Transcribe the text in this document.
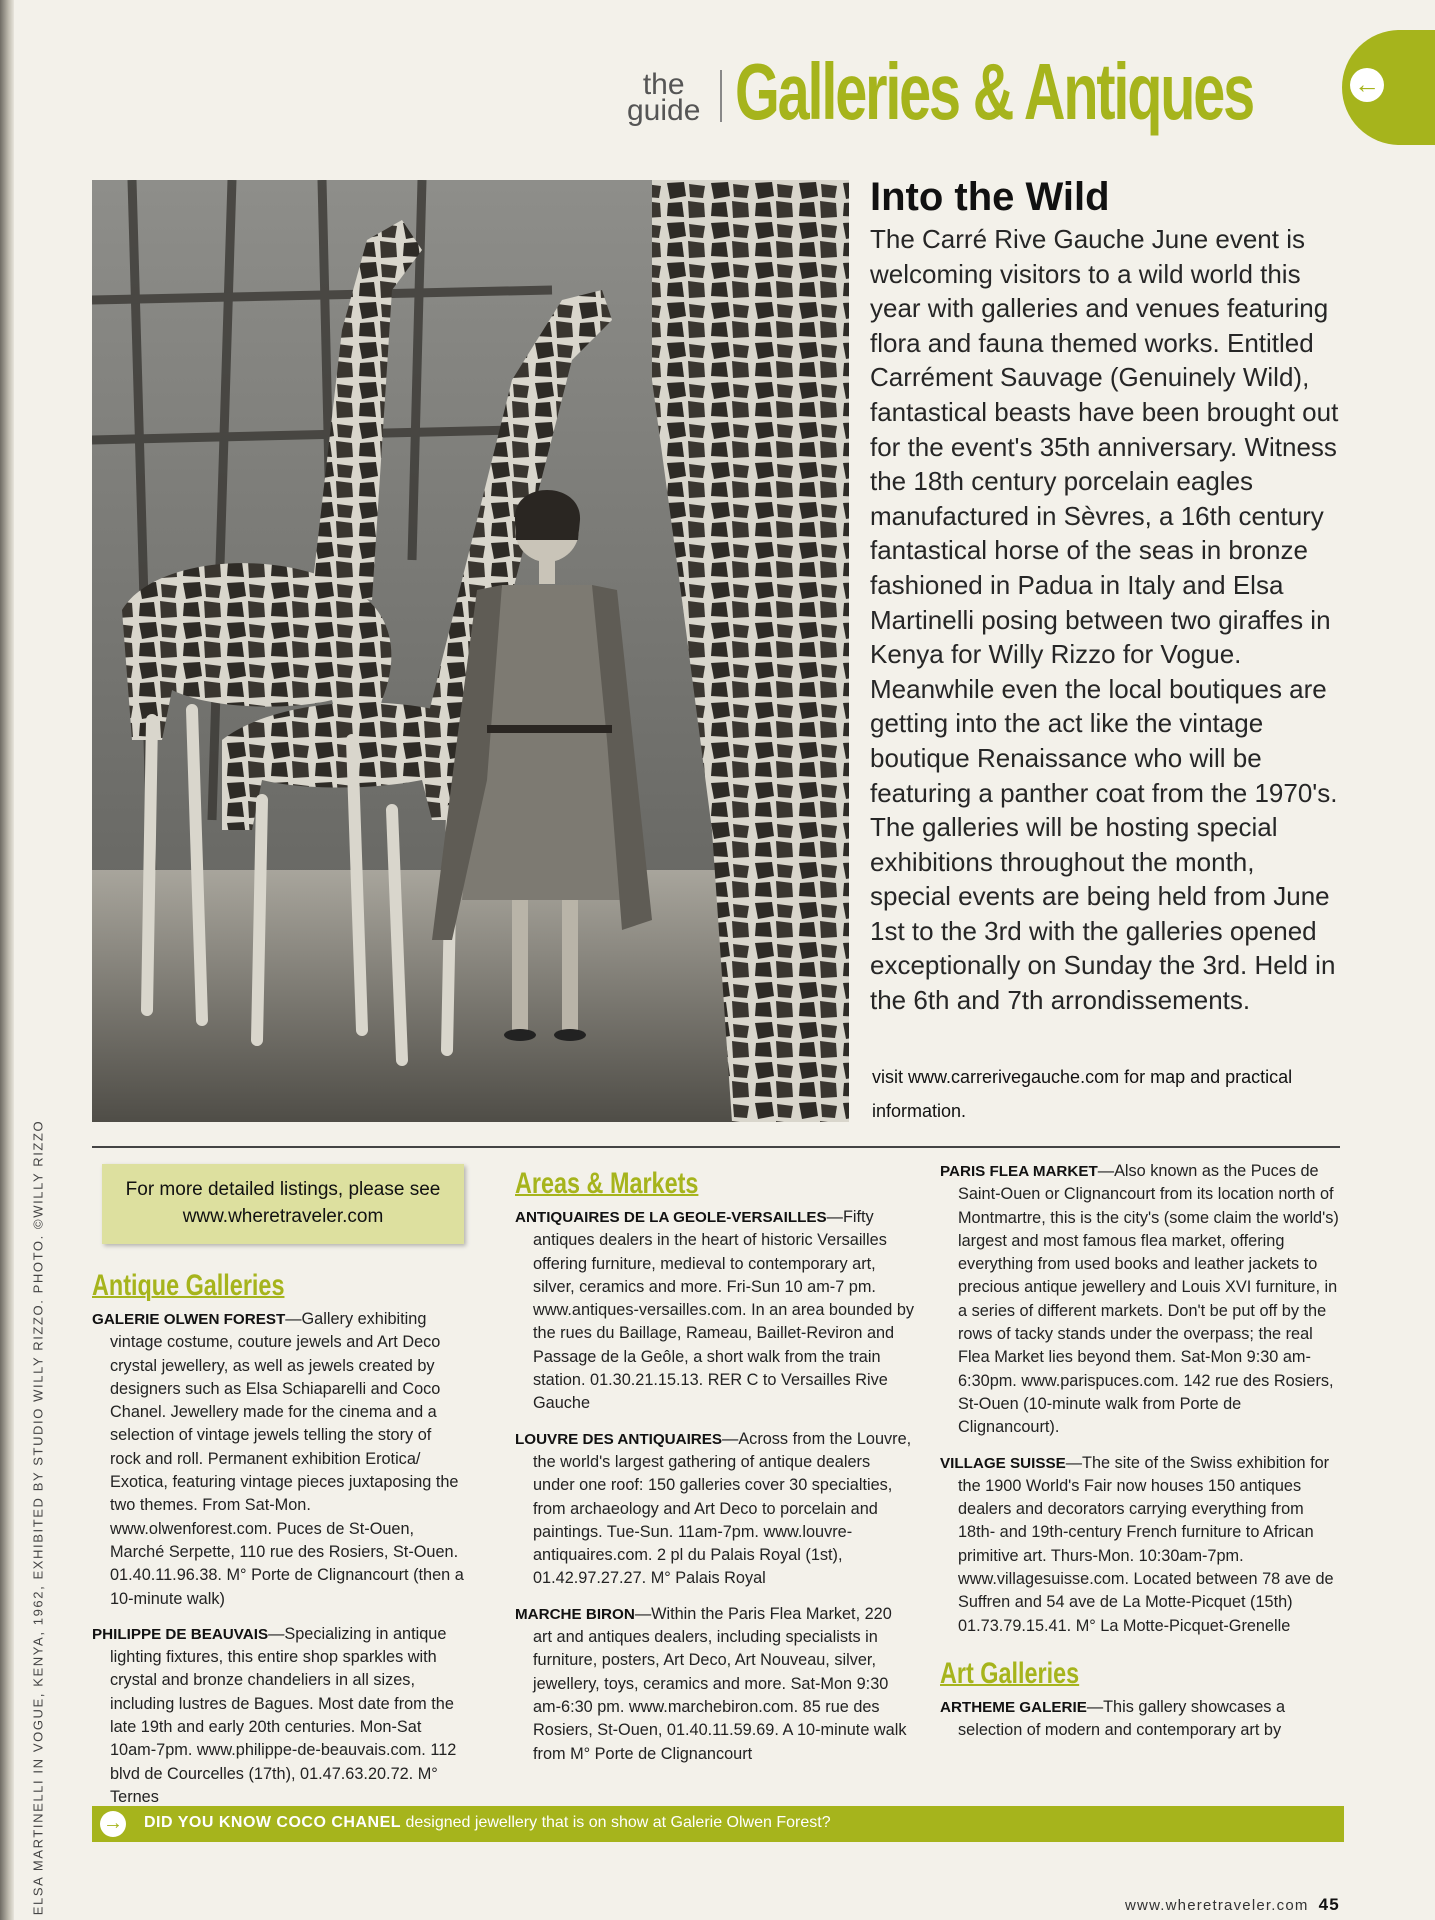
ELSA MARTINELLI IN VOGUE, KENYA, 1962, EXHIBITED BY STUDIO WILLY RIZZO. PHOTO. ©WILLY RIZZO
the
guide Galleries & Antiques	←
Into the Wild

The Carré Rive Gauche June event is welcoming visitors to a wild world this year with galleries and venues featuring flora and fauna themed works. Entitled Carrément Sauvage (Genuinely Wild), fantastical beasts have been brought out for the event's 35th anniversary. Witness the 18th century porcelain eagles manufactured in Sèvres, a 16th century fantastical horse of the seas in bronze fashioned in Padua in Italy and Elsa Martinelli posing between two giraffes in Kenya for Willy Rizzo for Vogue. Meanwhile even the local boutiques are getting into the act like the vintage boutique Renaissance who will be featuring a panther coat from the 1970's. The galleries will be hosting special exhibitions throughout the month, special events are being held from June 1st to the 3rd with the galleries opened exceptionally on Sunday the 3rd. Held in the 6th and 7th arrondissements.

visit www.carrerivegauche.com for map and practical information.

For more detailed listings, please see www.wheretraveler.com
Antique Galleries

GALERIE OLWEN FOREST—Gallery exhibiting vintage costume, couture jewels and Art Deco crystal jewellery, as well as jewels created by designers such as Elsa Schiaparelli and Coco Chanel. Jewellery made for the cinema and a selection of vintage jewels telling the story of rock and roll. Permanent exhibition Erotica/ Exotica, featuring vintage pieces juxtaposing the two themes. From Sat-Mon. www.olwenforest.com. Puces de St-Ouen, Marché Serpette, 110 rue des Rosiers, St-Ouen. 01.40.11.96.38. M° Porte de Clignancourt (then a 10-minute walk)

PHILIPPE DE BEAUVAIS—Specializing in antique lighting fixtures, this entire shop sparkles with crystal and bronze chandeliers in all sizes, including lustres de Bagues. Most date from the late 19th and early 20th centuries. Mon-Sat 10am-7pm. www.philippe-de-beauvais.com. 112 blvd de Courcelles (17th), 01.47.63.20.72. M° Ternes

Areas & Markets

ANTIQUAIRES DE LA GEOLE-VERSAILLES—Fifty antiques dealers in the heart of historic Versailles offering furniture, medieval to contemporary art, silver, ceramics and more. Fri-Sun 10 am-7 pm. www.antiques-versailles.com. In an area bounded by the rues du Baillage, Rameau, Baillet-Reviron and Passage de la Geôle, a short walk from the train station. 01.30.21.15.13. RER C to Versailles Rive Gauche

LOUVRE DES ANTIQUAIRES—Across from the Louvre, the world's largest gathering of antique dealers under one roof: 150 galleries cover 30 specialties, from archaeology and Art Deco to porcelain and paintings. Tue-Sun. 11am-7pm. www.louvre-antiquaires.com. 2 pl du Palais Royal (1st), 01.42.97.27.27. M° Palais Royal

MARCHE BIRON—Within the Paris Flea Market, 220 art and antiques dealers, including specialists in furniture, posters, Art Deco, Art Nouveau, silver, jewellery, toys, ceramics and more. Sat-Mon 9:30 am-6:30 pm. www.marchebiron.com. 85 rue des Rosiers, St-Ouen, 01.40.11.59.69. A 10-minute walk from M° Porte de Clignancourt

PARIS FLEA MARKET—Also known as the Puces de Saint-Ouen or Clignancourt from its location north of Montmartre, this is the city's (some claim the world's) largest and most famous flea market, offering everything from used books and leather jackets to precious antique jewellery and Louis XVI furniture, in a series of different markets. Don't be put off by the rows of tacky stands under the overpass; the real Flea Market lies beyond them. Sat-Mon 9:30 am-6:30pm. www.parispuces.com. 142 rue des Rosiers, St-Ouen (10-minute walk from Porte de Clignancourt).

VILLAGE SUISSE—The site of the Swiss exhibition for the 1900 World's Fair now houses 150 antiques dealers and decorators carrying everything from 18th- and 19th-century French furniture to African primitive art. Thurs-Mon. 10:30am-7pm. www.villagesuisse.com. Located between 78 ave de Suffren and 54 ave de La Motte-Picquet (15th) 01.73.79.15.41. M° La Motte-Picquet-Grenelle

Art Galleries

ARTHEME GALERIE—This gallery showcases a selection of modern and contemporary art by

→ DID YOU KNOW COCO CHANEL designed jewellery that is on show at Galerie Olwen Forest?
www.wheretraveler.com 45
